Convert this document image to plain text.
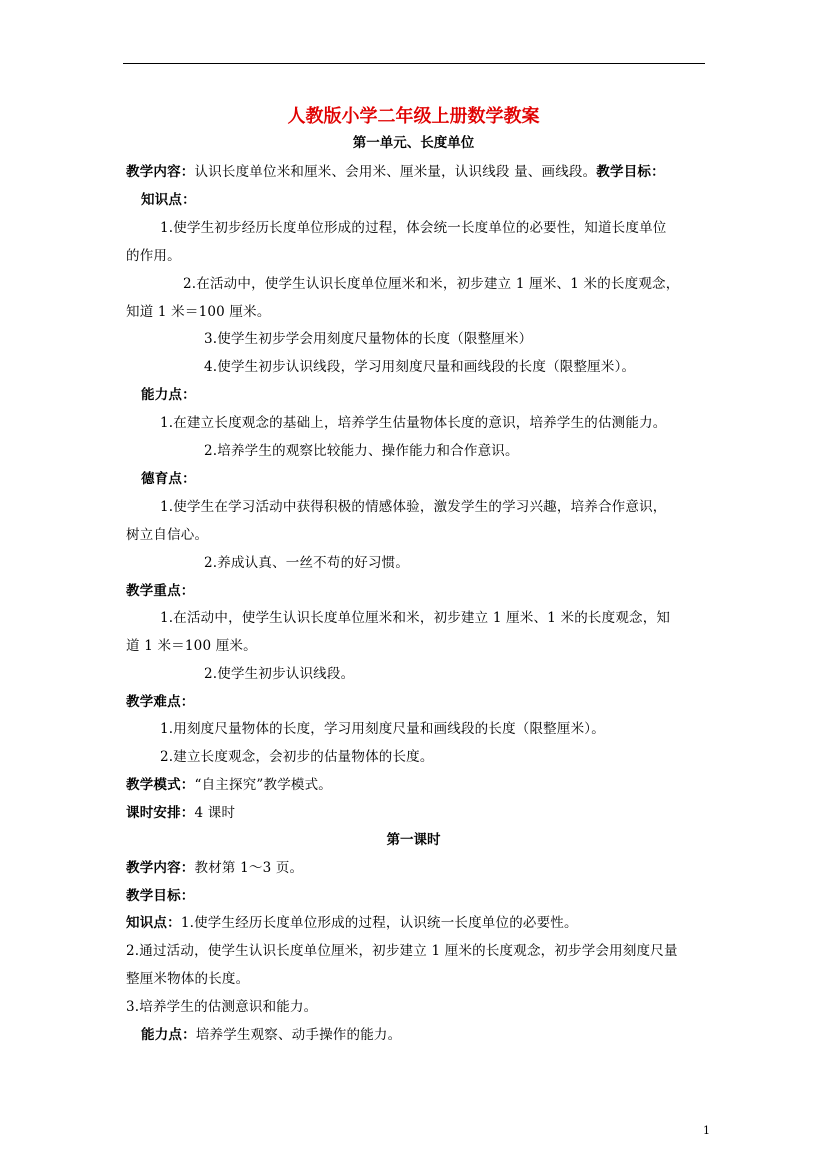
人教版小学二年级上册数学教案
第一单元、长度单位
教学内容：认识长度单位米和厘米、会用米、厘米量，认识线段 量、画线段。教学目标：
知识点：
1.使学生初步经历长度单位形成的过程，体会统一长度单位的必要性，知道长度单位
的作用。
2.在活动中，使学生认识长度单位厘米和米，初步建立 1 厘米、1 米的长度观念，
知道 1 米＝100 厘米。
3.使学生初步学会用刻度尺量物体的长度（限整厘米）
4.使学生初步认识线段，学习用刻度尺量和画线段的长度（限整厘米）。
能力点：
1.在建立长度观念的基础上，培养学生估量物体长度的意识，培养学生的估测能力。
2.培养学生的观察比较能力、操作能力和合作意识。
德育点：
1.使学生在学习活动中获得积极的情感体验，激发学生的学习兴趣，培养合作意识，
树立自信心。
2.养成认真、一丝不苟的好习惯。
教学重点：
1.在活动中，使学生认识长度单位厘米和米，初步建立 1 厘米、1 米的长度观念，知
道 1 米＝100 厘米。
2.使学生初步认识线段。
教学难点：
1.用刻度尺量物体的长度，学习用刻度尺量和画线段的长度（限整厘米）。
2.建立长度观念，会初步的估量物体的长度。
教学模式：“自主探究”教学模式。
课时安排：4 课时
第一课时
教学内容：教材第 1～3 页。
教学目标：
知识点：1.使学生经历长度单位形成的过程，认识统一长度单位的必要性。
2.通过活动，使学生认识长度单位厘米，初步建立 1 厘米的长度观念，初步学会用刻度尺量
整厘米物体的长度。
3.培养学生的估测意识和能力。
能力点：培养学生观察、动手操作的能力。
1
